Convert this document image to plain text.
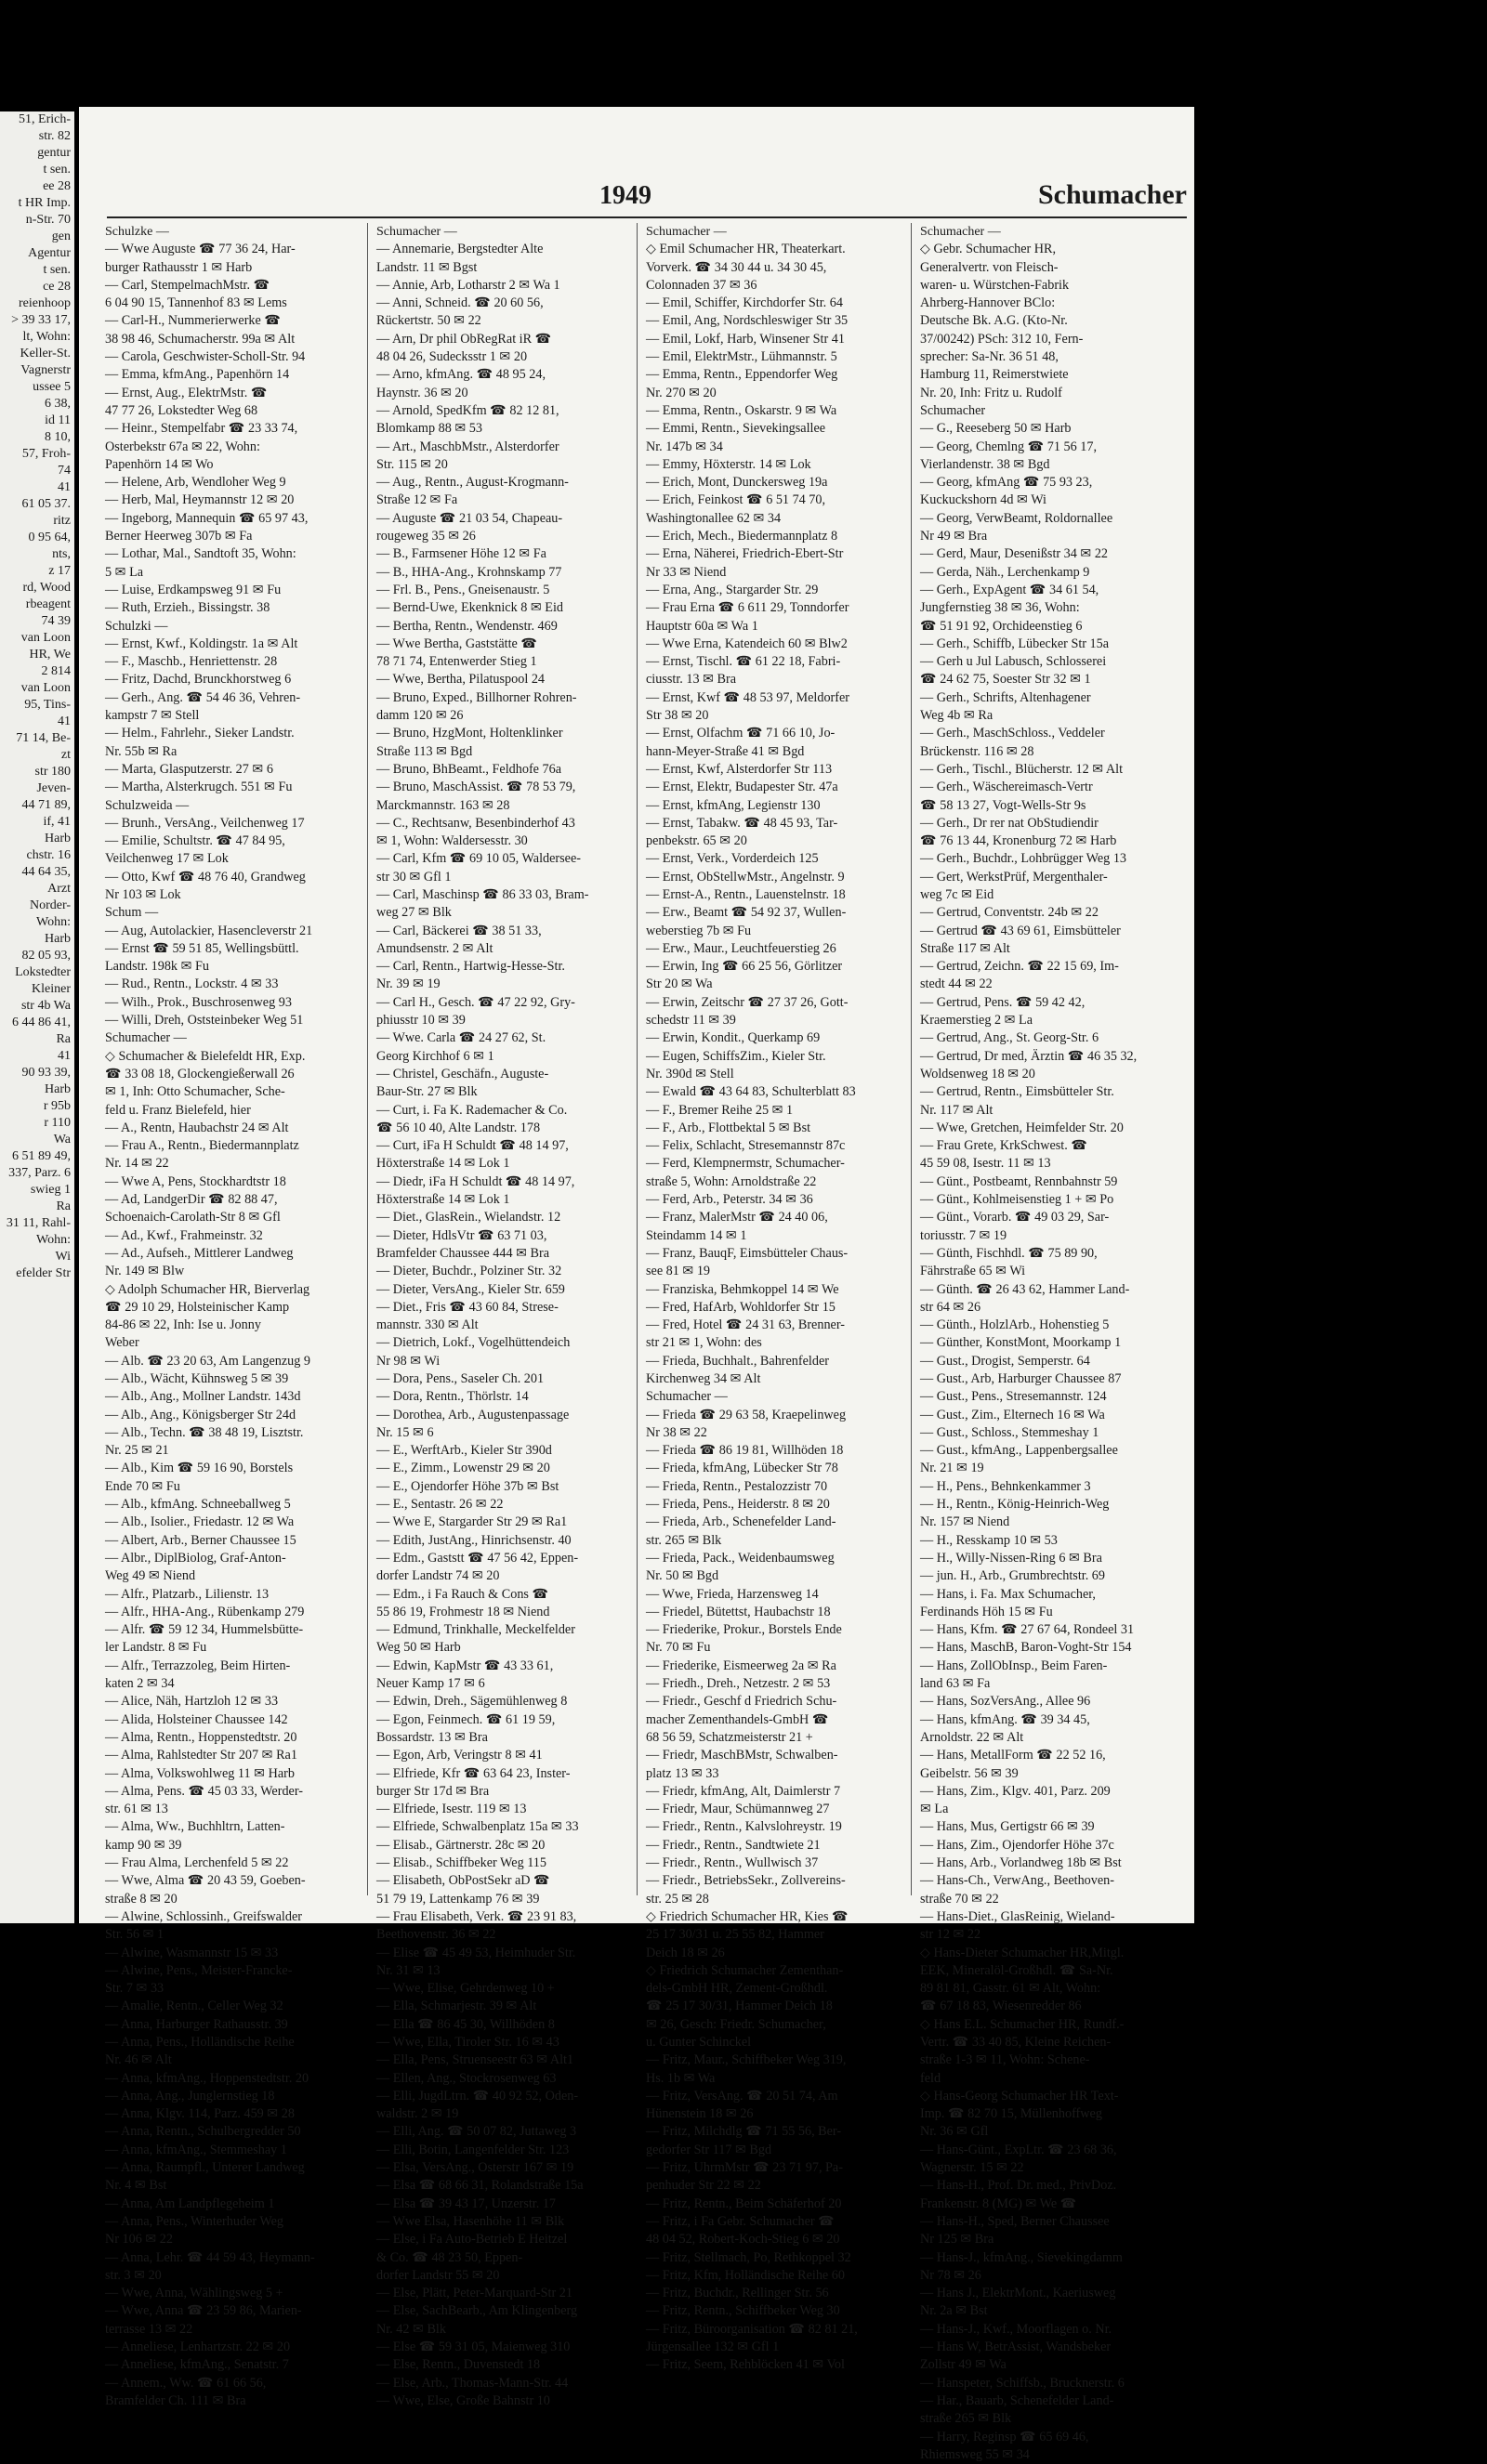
51, Erich-
str. 82
gentur
t sen.
ee 28
t HR Imp.
n-Str. 70
gen
Agentur
t sen.
ce 28
reienhoop
> 39 33 17,
lt, Wohn:
Keller-St.
Vagnerstr
ussee 5
6 38,
id 11
8 10,
57, Froh-
74
41
61 05 37.
ritz
0 95 64,
nts,
z 17
rd, Wood
rbeagent
74 39
van Loon
HR, We
2 814
van Loon
95, Tins-
41
71 14, Be-
zt
str 180
Jeven-
44 71 89,
if, 41
Harb
chstr. 16
44 64 35,
Arzt
Norder-
Wohn:
Harb
82 05 93,
Lokstedter
Kleiner
str 4b Wa
6 44 86 41,
Ra
41
90 93 39,
Harb
r 95b
r 110
Wa
6 51 89 49,
337, Parz. 6
swieg 1
Ra
31 11, Rahl-
Wohn:
Wi
efelder Str
1949	Schumacher
Schulzke —
— Wwe Auguste ☎ 77 36 24, Har-
burger Rathausstr 1 ✉ Harb
— Carl, StempelmachMstr. ☎
6 04 90 15, Tannenhof 83 ✉ Lems
— Carl-H., Nummerierwerke ☎
38 98 46, Schumacherstr. 99a ✉ Alt
— Carola, Geschwister-Scholl-Str. 94
— Emma, kfmAng., Papenhörn 14
— Ernst, Aug., ElektrMstr. ☎
47 77 26, Lokstedter Weg 68
— Heinr., Stempelfabr ☎ 23 33 74,
Osterbekstr 67a ✉ 22, Wohn:
Papenhörn 14 ✉ Wo
— Helene, Arb, Wendloher Weg 9
— Herb, Mal, Heymannstr 12 ✉ 20
— Ingeborg, Mannequin ☎ 65 97 43,
Berner Heerweg 307b ✉ Fa
— Lothar, Mal., Sandtoft 35, Wohn:
5 ✉ La
— Luise, Erdkampsweg 91 ✉ Fu
— Ruth, Erzieh., Bissingstr. 38
Schulzki —
— Ernst, Kwf., Koldingstr. 1a ✉ Alt
— F., Maschb., Henriettenstr. 28
— Fritz, Dachd, Brunckhorstweg 6
— Gerh., Ang. ☎ 54 46 36, Vehren-
kampstr 7 ✉ Stell
— Helm., Fahrlehr., Sieker Landstr.
Nr. 55b ✉ Ra
— Marta, Glasputzerstr. 27 ✉ 6
— Martha, Alsterkrugch. 551 ✉ Fu
Schulzweida —
— Brunh., VersAng., Veilchenweg 17
— Emilie, Schultstr. ☎ 47 84 95,
Veilchenweg 17 ✉ Lok
— Otto, Kwf ☎ 48 76 40, Grandweg
Nr 103 ✉ Lok
Schum —
— Aug, Autolackier, Hasencleverstr 21
— Ernst ☎ 59 51 85, Wellingsbüttl.
Landstr. 198k ✉ Fu
— Rud., Rentn., Lockstr. 4 ✉ 33
— Wilh., Prok., Buschrosenweg 93
— Willi, Dreh, Oststeinbeker Weg 51
Schumacher —
◇ Schumacher & Bielefeldt HR, Exp.
☎ 33 08 18, Glockengießerwall 26
✉ 1, Inh: Otto Schumacher, Sche-
feld u. Franz Bielefeld, hier
— A., Rentn, Haubachstr 24 ✉ Alt
— Frau A., Rentn., Biedermannplatz
Nr. 14 ✉ 22
— Wwe A, Pens, Stockhardtstr 18
— Ad, LandgerDir ☎ 82 88 47,
Schoenaich-Carolath-Str 8 ✉ Gfl
— Ad., Kwf., Frahmeinstr. 32
— Ad., Aufseh., Mittlerer Landweg
Nr. 149 ✉ Blw
◇ Adolph Schumacher HR, Bierverlag
☎ 29 10 29, Holsteinischer Kamp
84-86 ✉ 22, Inh: Ise u. Jonny
Weber
— Alb. ☎ 23 20 63, Am Langenzug 9
— Alb., Wächt, Kühnsweg 5 ✉ 39
— Alb., Ang., Mollner Landstr. 143d
— Alb., Ang., Königsberger Str 24d
— Alb., Techn. ☎ 38 48 19, Lisztstr.
Nr. 25 ✉ 21
— Alb., Kim ☎ 59 16 90, Borstels
Ende 70 ✉ Fu
— Alb., kfmAng. Schneeballweg 5
— Alb., Isolier., Friedastr. 12 ✉ Wa
— Albert, Arb., Berner Chaussee 15
— Albr., DiplBiolog, Graf-Anton-
Weg 49 ✉ Niend
— Alfr., Platzarb., Lilienstr. 13
— Alfr., HHA-Ang., Rübenkamp 279
— Alfr. ☎ 59 12 34, Hummelsbütte-
ler Landstr. 8 ✉ Fu
— Alfr., Terrazzoleg, Beim Hirten-
katen 2 ✉ 34
— Alice, Näh, Hartzloh 12 ✉ 33
— Alida, Holsteiner Chaussee 142
— Alma, Rentn., Hoppenstedtstr. 20
— Alma, Rahlstedter Str 207 ✉ Ra1
— Alma, Volkswohlweg 11 ✉ Harb
— Alma, Pens. ☎ 45 03 33, Werder-
str. 61 ✉ 13
— Alma, Ww., Buchhltrn, Latten-
kamp 90 ✉ 39
— Frau Alma, Lerchenfeld 5 ✉ 22
— Wwe, Alma ☎ 20 43 59, Goeben-
straße 8 ✉ 20
— Alwine, Schlossinh., Greifswalder
Str. 56 ✉ 1
— Alwine, Wasmannstr 15 ✉ 33
— Alwine, Pens., Meister-Francke-
Str. 7 ✉ 33
— Amalie, Rentn., Celler Weg 32
— Anna, Harburger Rathausstr. 39
— Anna, Pens., Holländische Reihe
Nr. 46 ✉ Alt
— Anna, kfmAng., Hoppenstedtstr. 20
— Anna, Ang., Junglernstieg 18
— Anna, Klgv. 114, Parz. 459 ✉ 28
— Anna, Rentn., Schulbergredder 50
— Anna, kfmAng., Stemmeshay 1
— Anna, Raumpfl., Unterer Landweg
Nr. 4 ✉ Bst
— Anna, Am Landpflegeheim 1
— Anna, Pens., Winterhuder Weg
Nr 106 ✉ 22
— Anna, Lehr. ☎ 44 59 43, Heymann-
str. 3 ✉ 20
— Wwe, Anna, Wählingsweg 5 +
— Wwe, Anna ☎ 23 59 86, Marien-
terrasse 13 ✉ 22
— Anneliese, Lenhartzstr. 22 ✉ 20
— Anneliese, kfmAng., Senatstr. 7
— Annem., Ww. ☎ 61 66 56,
Bramfelder Ch. 111 ✉ Bra
Schumacher —
— Annemarie, Bergstedter Alte
Landstr. 11 ✉ Bgst
— Annie, Arb, Lotharstr 2 ✉ Wa 1
— Anni, Schneid. ☎ 20 60 56,
Rückertstr. 50 ✉ 22
— Arn, Dr phil ObRegRat iR ☎
48 04 26, Sudecksstr 1 ✉ 20
— Arno, kfmAng. ☎ 48 95 24,
Haynstr. 36 ✉ 20
— Arnold, SpedKfm ☎ 82 12 81,
Blomkamp 88 ✉ 53
— Art., MaschbMstr., Alsterdorfer
Str. 115 ✉ 20
— Aug., Rentn., August-Krogmann-
Straße 12 ✉ Fa
— Auguste ☎ 21 03 54, Chapeau-
rougeweg 35 ✉ 26
— B., Farmsener Höhe 12 ✉ Fa
— B., HHA-Ang., Krohnskamp 77
— Frl. B., Pens., Gneisenaustr. 5
— Bernd-Uwe, Ekenknick 8 ✉ Eid
— Bertha, Rentn., Wendenstr. 469
— Wwe Bertha, Gaststätte ☎
78 71 74, Entenwerder Stieg 1
— Wwe, Bertha, Pilatuspool 24
— Bruno, Exped., Billhorner Rohren-
damm 120 ✉ 26
— Bruno, HzgMont, Holtenklinker
Straße 113 ✉ Bgd
— Bruno, BhBeamt., Feldhofe 76a
— Bruno, MaschAssist. ☎ 78 53 79,
Marckmannstr. 163 ✉ 28
— C., Rechtsanw, Besenbinderhof 43
✉ 1, Wohn: Waldersesstr. 30
— Carl, Kfm ☎ 69 10 05, Waldersee-
str 30 ✉ Gfl 1
— Carl, Maschinsp ☎ 86 33 03, Bram-
weg 27 ✉ Blk
— Carl, Bäckerei ☎ 38 51 33,
Amundsenstr. 2 ✉ Alt
— Carl, Rentn., Hartwig-Hesse-Str.
Nr. 39 ✉ 19
— Carl H., Gesch. ☎ 47 22 92, Gry-
phiusstr 10 ✉ 39
— Wwe. Carla ☎ 24 27 62, St.
Georg Kirchhof 6 ✉ 1
— Christel, Geschäfn., Auguste-
Baur-Str. 27 ✉ Blk
— Curt, i. Fa K. Rademacher & Co.
☎ 56 10 40, Alte Landstr. 178
— Curt, iFa H Schuldt ☎ 48 14 97,
Höxterstraße 14 ✉ Lok 1
— Diedr, iFa H Schuldt ☎ 48 14 97,
Höxterstraße 14 ✉ Lok 1
— Diet., GlasRein., Wielandstr. 12
— Dieter, HdlsVtr ☎ 63 71 03,
Bramfelder Chaussee 444 ✉ Bra
— Dieter, Buchdr., Polziner Str. 32
— Dieter, VersAng., Kieler Str. 659
— Diet., Fris ☎ 43 60 84, Strese-
mannstr. 330 ✉ Alt
— Dietrich, Lokf., Vogelhüttendeich
Nr 98 ✉ Wi
— Dora, Pens., Saseler Ch. 201
— Dora, Rentn., Thörlstr. 14
— Dorothea, Arb., Augustenpassage
Nr. 15 ✉ 6
— E., WerftArb., Kieler Str 390d
— E., Zimm., Lowenstr 29 ✉ 20
— E., Ojendorfer Höhe 37b ✉ Bst
— E., Sentastr. 26 ✉ 22
— Wwe E, Stargarder Str 29 ✉ Ra1
— Edith, JustAng., Hinrichsenstr. 40
— Edm., Gaststt ☎ 47 56 42, Eppen-
dorfer Landstr 74 ✉ 20
— Edm., i Fa Rauch & Cons ☎
55 86 19, Frohmestr 18 ✉ Niend
— Edmund, Trinkhalle, Meckelfelder
Weg 50 ✉ Harb
— Edwin, KapMstr ☎ 43 33 61,
Neuer Kamp 17 ✉ 6
— Edwin, Dreh., Sägemühlenweg 8
— Egon, Feinmech. ☎ 61 19 59,
Bossardstr. 13 ✉ Bra
— Egon, Arb, Veringstr 8 ✉ 41
— Elfriede, Kfr ☎ 63 64 23, Inster-
burger Str 17d ✉ Bra
— Elfriede, Isestr. 119 ✉ 13
— Elfriede, Schwalbenplatz 15a ✉ 33
— Elisab., Gärtnerstr. 28c ✉ 20
— Elisab., Schiffbeker Weg 115
— Elisabeth, ObPostSekr aD ☎
51 79 19, Lattenkamp 76 ✉ 39
— Frau Elisabeth, Verk. ☎ 23 91 83,
Beethovenstr. 36 ✉ 22
— Elise ☎ 45 49 53, Heimhuder Str.
Nr. 31 ✉ 13
— Wwe, Elise, Gehrdenweg 10 +
— Ella, Schmarjestr. 39 ✉ Alt
— Ella ☎ 86 45 30, Willhöden 8
— Wwe, Ella, Tiroler Str. 16 ✉ 43
— Ella, Pens, Struenseestr 63 ✉ Alt1
— Ellen, Ang., Stockrosenweg 63
— Elli, JugdLtrn. ☎ 40 92 52, Oden-
waldstr. 2 ✉ 19
— Elli, Ang. ☎ 50 07 82, Juttaweg 3
— Elli, Botin, Langenfelder Str. 123
— Elsa, VersAng., Osterstr 167 ✉ 19
— Elsa ☎ 68 66 31, Rolandstraße 15a
— Elsa ☎ 39 43 17, Unzerstr. 17
— Wwe Elsa, Hasenhöhe 11 ✉ Blk
— Else, i Fa Auto-Betrieb E Heitzel
& Co. ☎ 48 23 50, Eppen-
dorfer Landstr 55 ✉ 20
— Else, Plätt, Peter-Marquard-Str 21
— Else, SachBearb., Am Klingenberg
Nr. 42 ✉ Blk
— Else ☎ 59 31 05, Maienweg 310
— Else, Rentn., Duvenstedt 18
— Else, Arb., Thomas-Mann-Str. 44
— Wwe, Else, Große Bahnstr 10
Schumacher —
◇ Emil Schumacher HR, Theaterkart.
Vorverk. ☎ 34 30 44 u. 34 30 45,
Colonnaden 37 ✉ 36
— Emil, Schiffer, Kirchdorfer Str. 64
— Emil, Ang, Nordschleswiger Str 35
— Emil, Lokf, Harb, Winsener Str 41
— Emil, ElektrMstr., Lühmannstr. 5
— Emma, Rentn., Eppendorfer Weg
Nr. 270 ✉ 20
— Emma, Rentn., Oskarstr. 9 ✉ Wa
— Emmi, Rentn., Sievekingsallee
Nr. 147b ✉ 34
— Emmy, Höxterstr. 14 ✉ Lok
— Erich, Mont, Dunckersweg 19a
— Erich, Feinkost ☎ 6 51 74 70,
Washingtonallee 62 ✉ 34
— Erich, Mech., Biedermannplatz 8
— Erna, Näherei, Friedrich-Ebert-Str
Nr 33 ✉ Niend
— Erna, Ang., Stargarder Str. 29
— Frau Erna ☎ 6 611 29, Tonndorfer
Hauptstr 60a ✉ Wa 1
— Wwe Erna, Katendeich 60 ✉ Blw2
— Ernst, Tischl. ☎ 61 22 18, Fabri-
ciusstr. 13 ✉ Bra
— Ernst, Kwf ☎ 48 53 97, Meldorfer
Str 38 ✉ 20
— Ernst, Olfachm ☎ 71 66 10, Jo-
hann-Meyer-Straße 41 ✉ Bgd
— Ernst, Kwf, Alsterdorfer Str 113
— Ernst, Elektr, Budapester Str. 47a
— Ernst, kfmAng, Legienstr 130
— Ernst, Tabakw. ☎ 48 45 93, Tar-
penbekstr. 65 ✉ 20
— Ernst, Verk., Vorderdeich 125
— Ernst, ObStellwMstr., Angelnstr. 9
— Ernst-A., Rentn., Lauenstelnstr. 18
— Erw., Beamt ☎ 54 92 37, Wullen-
weberstieg 7b ✉ Fu
— Erw., Maur., Leuchtfeuerstieg 26
— Erwin, Ing ☎ 66 25 56, Görlitzer
Str 20 ✉ Wa
— Erwin, Zeitschr ☎ 27 37 26, Gott-
schedstr 11 ✉ 39
— Erwin, Kondit., Querkamp 69
— Eugen, SchiffsZim., Kieler Str.
Nr. 390d ✉ Stell
— Ewald ☎ 43 64 83, Schulterblatt 83
— F., Bremer Reihe 25 ✉ 1
— F., Arb., Flottbektal 5 ✉ Bst
— Felix, Schlacht, Stresemannstr 87c
— Ferd, Klempnermstr, Schumacher-
straße 5, Wohn: Arnoldstraße 22
— Ferd, Arb., Peterstr. 34 ✉ 36
— Franz, MalerMstr ☎ 24 40 06,
Steindamm 14 ✉ 1
— Franz, BauqF, Eimsbütteler Chaus-
see 81 ✉ 19
— Franziska, Behmkoppel 14 ✉ We
— Fred, HafArb, Wohldorfer Str 15
— Fred, Hotel ☎ 24 31 63, Brenner-
str 21 ✉ 1, Wohn: des
— Frieda, Buchhalt., Bahrenfelder
Kirchenweg 34 ✉ Alt
Schumacher —
— Frieda ☎ 29 63 58, Kraepelinweg
Nr 38 ✉ 22
— Frieda ☎ 86 19 81, Willhöden 18
— Frieda, kfmAng, Lübecker Str 78
— Frieda, Rentn., Pestalozzistr 70
— Frieda, Pens., Heiderstr. 8 ✉ 20
— Frieda, Arb., Schenefelder Land-
str. 265 ✉ Blk
— Frieda, Pack., Weidenbaumsweg
Nr. 50 ✉ Bgd
— Wwe, Frieda, Harzensweg 14
— Friedel, Bütettst, Haubachstr 18
— Friederike, Prokur., Borstels Ende
Nr. 70 ✉ Fu
— Friederike, Eismeerweg 2a ✉ Ra
— Friedh., Dreh., Netzestr. 2 ✉ 53
— Friedr., Geschf d Friedrich Schu-
macher Zementhandels-GmbH ☎
68 56 59, Schatzmeisterstr 21 +
— Friedr, MaschBMstr, Schwalben-
platz 13 ✉ 33
— Friedr, kfmAng, Alt, Daimlerstr 7
— Friedr, Maur, Schümannweg 27
— Friedr., Rentn., Kalvslohreystr. 19
— Friedr., Rentn., Sandtwiete 21
— Friedr., Rentn., Wullwisch 37
— Friedr., BetriebsSekr., Zollvereins-
str. 25 ✉ 28
◇ Friedrich Schumacher HR, Kies ☎
25 17 30/31 u. 25 55 82, Hammer
Deich 18 ✉ 26
◇ Friedrich Schumacher Zementhan-
dels-GmbH HR, Zement-Großhdl.
☎ 25 17 30/31, Hammer Deich 18
✉ 26, Gesch: Friedr. Schumacher,
u. Gunter Schinckel
— Fritz, Maur., Schiffbeker Weg 319,
Hs. 1b ✉ Wa
— Fritz, VersAng. ☎ 20 51 74, Am
Hünenstein 18 ✉ 26
— Fritz, Milchdlg ☎ 71 55 56, Ber-
gedorfer Str 117 ✉ Bgd
— Fritz, UhrmMstr ☎ 23 71 97, Pa-
penhuder Str 22 ✉ 22
— Fritz, Rentn., Beim Schäferhof 20
— Fritz, i Fa Gebr. Schumacher ☎
48 04 52, Robert-Koch-Stieg 6 ✉ 20
— Fritz, Stellmach, Po, Rethkoppel 32
— Fritz, Kfm, Holländische Reihe 60
— Fritz, Buchdr., Rellinger Str. 56
— Fritz, Rentn., Schiffbeker Weg 30
— Fritz, Büroorganisation ☎ 82 81 21,
Jürgensallee 132 ✉ Gfl 1
— Fritz, Seem, Rehblöcken 41 ✉ Vol
Schumacher —
◇ Gebr. Schumacher HR,
Generalvertr. von Fleisch-
waren- u. Würstchen-Fabrik
Ahrberg-Hannover BClo:
Deutsche Bk. A.G. (Kto-Nr.
37/00242) PSch: 312 10, Fern-
sprecher: Sa-Nr. 36 51 48,
Hamburg 11, Reimerstwiete
Nr. 20, Inh: Fritz u. Rudolf
Schumacher
— G., Reeseberg 50 ✉ Harb
— Georg, Chemlng ☎ 71 56 17,
Vierlandenstr. 38 ✉ Bgd
— Georg, kfmAng ☎ 75 93 23,
Kuckuckshorn 4d ✉ Wi
— Georg, VerwBeamt, Roldornallee
Nr 49 ✉ Bra
— Gerd, Maur, Desenißstr 34 ✉ 22
— Gerda, Näh., Lerchenkamp 9
— Gerh., ExpAgent ☎ 34 61 54,
Jungfernstieg 38 ✉ 36, Wohn:
☎ 51 91 92, Orchideenstieg 6
— Gerh., Schiffb, Lübecker Str 15a
— Gerh u Jul Labusch, Schlosserei
☎ 24 62 75, Soester Str 32 ✉ 1
— Gerh., Schrifts, Altenhagener
Weg 4b ✉ Ra
— Gerh., MaschSchloss., Veddeler
Brückenstr. 116 ✉ 28
— Gerh., Tischl., Blücherstr. 12 ✉ Alt
— Gerh., Wäschereimasch-Vertr
☎ 58 13 27, Vogt-Wells-Str 9s
— Gerh., Dr rer nat ObStudiendir
☎ 76 13 44, Kronenburg 72 ✉ Harb
— Gerh., Buchdr., Lohbrügger Weg 13
— Gert, WerkstPrüf, Mergenthaler-
weg 7c ✉ Eid
— Gertrud, Conventstr. 24b ✉ 22
— Gertrud ☎ 43 69 61, Eimsbütteler
Straße 117 ✉ Alt
— Gertrud, Zeichn. ☎ 22 15 69, Im-
stedt 44 ✉ 22
— Gertrud, Pens. ☎ 59 42 42,
Kraemerstieg 2 ✉ La
— Gertrud, Ang., St. Georg-Str. 6
— Gertrud, Dr med, Ärztin ☎ 46 35 32,
Woldsenweg 18 ✉ 20
— Gertrud, Rentn., Eimsbütteler Str.
Nr. 117 ✉ Alt
— Wwe, Gretchen, Heimfelder Str. 20
— Frau Grete, KrkSchwest. ☎
45 59 08, Isestr. 11 ✉ 13
— Günt., Postbeamt, Rennbahnstr 59
— Günt., Kohlmeisenstieg 1 + ✉ Po
— Günt., Vorarb. ☎ 49 03 29, Sar-
toriusstr. 7 ✉ 19
— Günth, Fischhdl. ☎ 75 89 90,
Fährstraße 65 ✉ Wi
— Günth. ☎ 26 43 62, Hammer Land-
str 64 ✉ 26
— Günth., HolzlArb., Hohenstieg 5
— Günther, KonstMont, Moorkamp 1
— Gust., Drogist, Semperstr. 64
— Gust., Arb, Harburger Chaussee 87
— Gust., Pens., Stresemannstr. 124
— Gust., Zim., Elternech 16 ✉ Wa
— Gust., Schloss., Stemmeshay 1
— Gust., kfmAng., Lappenbergsallee
Nr. 21 ✉ 19
— H., Pens., Behnkenkammer 3
— H., Rentn., König-Heinrich-Weg
Nr. 157 ✉ Niend
— H., Resskamp 10 ✉ 53
— H., Willy-Nissen-Ring 6 ✉ Bra
— jun. H., Arb., Grumbrechtstr. 69
— Hans, i. Fa. Max Schumacher,
Ferdinands Höh 15 ✉ Fu
— Hans, Kfm. ☎ 27 67 64, Rondeel 31
— Hans, MaschB, Baron-Voght-Str 154
— Hans, ZollObInsp., Beim Faren-
land 63 ✉ Fa
— Hans, SozVersAng., Allee 96
— Hans, kfmAng. ☎ 39 34 45,
Arnoldstr. 22 ✉ Alt
— Hans, MetallForm ☎ 22 52 16,
Geibelstr. 56 ✉ 39
— Hans, Zim., Klgv. 401, Parz. 209
✉ La
— Hans, Mus, Gertigstr 66 ✉ 39
— Hans, Zim., Ojendorfer Höhe 37c
— Hans, Arb., Vorlandweg 18b ✉ Bst
— Hans-Ch., VerwAng., Beethoven-
straße 70 ✉ 22
— Hans-Diet., GlasReinig, Wieland-
str 12 ✉ 22
◇ Hans-Dieter Schumacher HR,Mitgl.
EEK, Mineralöl-Großhdl. ☎ Sa-Nr.
89 81 81, Gasstr. 61 ✉ Alt, Wohn:
☎ 67 18 83, Wiesenredder 86
◇ Hans E.L. Schumacher HR, Rundf.-
Vertr. ☎ 33 40 85, Kleine Reichen-
straße 1-3 ✉ 11, Wohn: Schene-
feld
◇ Hans-Georg Schumacher HR Text-
Imp. ☎ 82 70 15, Müllenhoffweg
Nr. 36 ✉ Gfl
— Hans-Günt., ExpLtr. ☎ 23 68 36,
Wagnerstr. 15 ✉ 22
— Hans-H., Prof. Dr. med., PrivDoz.
Frankenstr. 8 (MG) ✉ We ☎
— Hans-H., Sped, Berner Chaussee
Nr 125 ✉ Bra
— Hans-J., kfmAng., Sievekingdamm
Nr 78 ✉ 26
— Hans J., ElektrMont., Kaeriusweg
Nr. 2a ✉ Bst
— Hans-J., Kwf., Moorflagen o. Nr.
— Hans W, BetrAssist, Wandsbeker
Zollstr 49 ✉ Wa
— Hanspeter, Schiffsb., Brucknerstr. 6
— Har., Bauarb, Schenefelder Land-
straße 265 ✉ Blk
— Harry, Reginsp ☎ 65 69 46,
Rhiemsweg 55 ✉ 34
